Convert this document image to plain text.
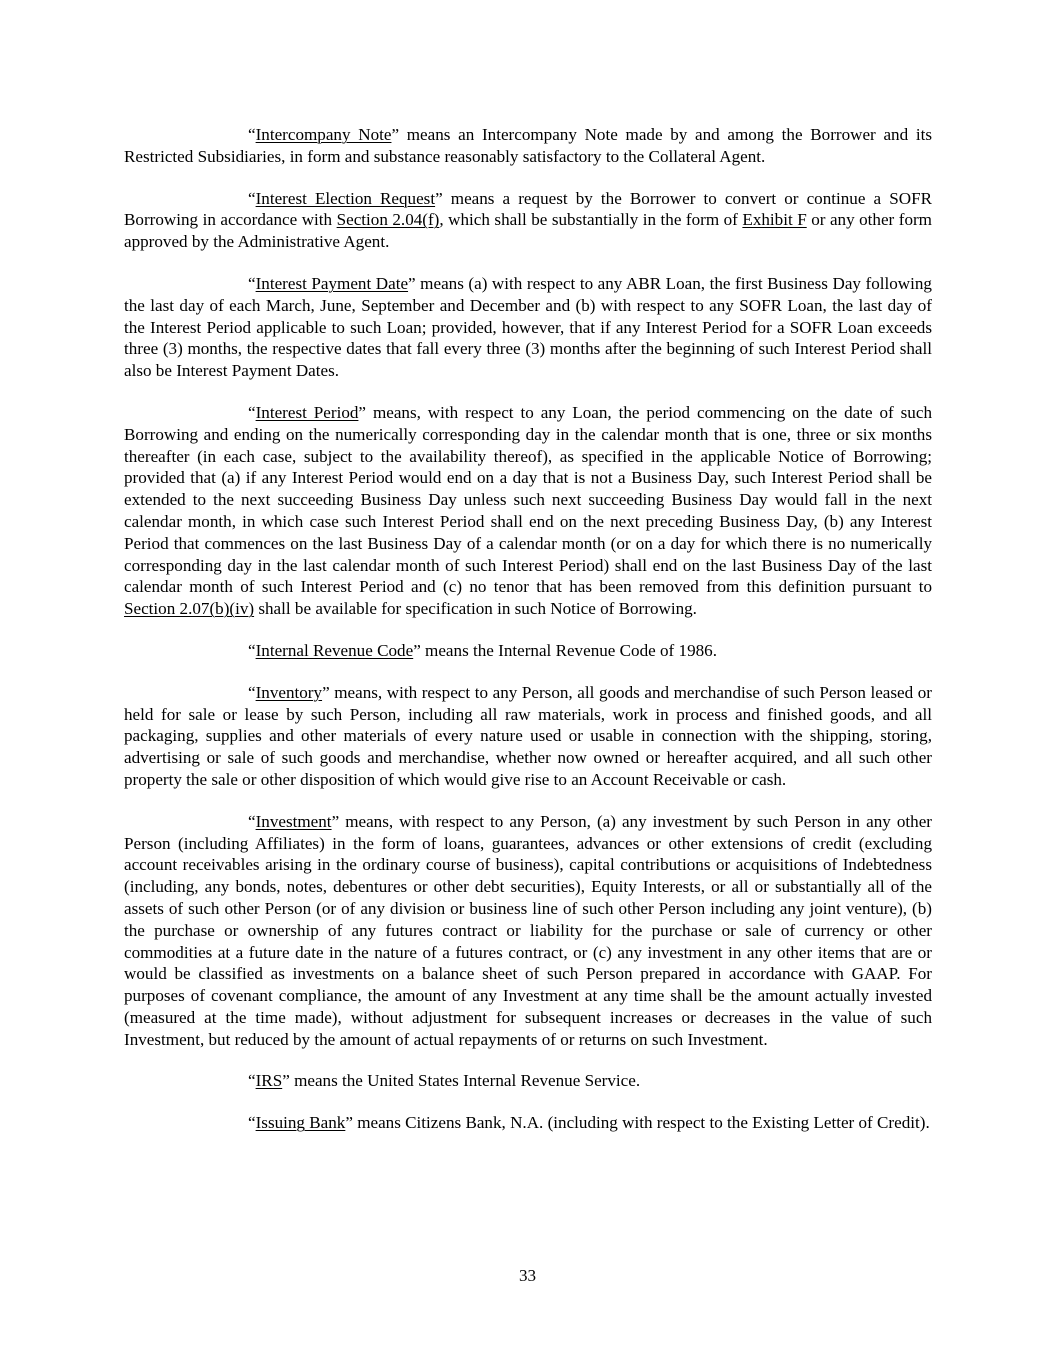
“Intercompany Note” means an Intercompany Note made by and among the Borrower and its Restricted Subsidiaries, in form and substance reasonably satisfactory to the Collateral Agent.

“Interest Election Request” means a request by the Borrower to convert or continue a SOFR Borrowing in accordance with Section 2.04(f), which shall be substantially in the form of Exhibit F or any other form approved by the Administrative Agent.

“Interest Payment Date” means (a) with respect to any ABR Loan, the first Business Day following the last day of each March, June, September and December and (b) with respect to any SOFR Loan, the last day of the Interest Period applicable to such Loan; provided, however, that if any Interest Period for a SOFR Loan exceeds three (3) months, the respective dates that fall every three (3) months after the beginning of such Interest Period shall also be Interest Payment Dates.

“Interest Period” means, with respect to any Loan, the period commencing on the date of such Borrowing and ending on the numerically corresponding day in the calendar month that is one, three or six months thereafter (in each case, subject to the availability thereof), as specified in the applicable Notice of Borrowing; provided that (a) if any Interest Period would end on a day that is not a Business Day, such Interest Period shall be extended to the next succeeding Business Day unless such next succeeding Business Day would fall in the next calendar month, in which case such Interest Period shall end on the next preceding Business Day, (b) any Interest Period that commences on the last Business Day of a calendar month (or on a day for which there is no numerically corresponding day in the last calendar month of such Interest Period) shall end on the last Business Day of the last calendar month of such Interest Period and (c) no tenor that has been removed from this definition pursuant to Section 2.07(b)(iv) shall be available for specification in such Notice of Borrowing.

“Internal Revenue Code” means the Internal Revenue Code of 1986.

“Inventory” means, with respect to any Person, all goods and merchandise of such Person leased or held for sale or lease by such Person, including all raw materials, work in process and finished goods, and all packaging, supplies and other materials of every nature used or usable in connection with the shipping, storing, advertising or sale of such goods and merchandise, whether now owned or hereafter acquired, and all such other property the sale or other disposition of which would give rise to an Account Receivable or cash.

“Investment” means, with respect to any Person, (a) any investment by such Person in any other Person (including Affiliates) in the form of loans, guarantees, advances or other extensions of credit (excluding account receivables arising in the ordinary course of business), capital contributions or acquisitions of Indebtedness (including, any bonds, notes, debentures or other debt securities), Equity Interests, or all or substantially all of the assets of such other Person (or of any division or business line of such other Person including any joint venture), (b) the purchase or ownership of any futures contract or liability for the purchase or sale of currency or other commodities at a future date in the nature of a futures contract, or (c) any investment in any other items that are or would be classified as investments on a balance sheet of such Person prepared in accordance with GAAP. For purposes of covenant compliance, the amount of any Investment at any time shall be the amount actually invested (measured at the time made), without adjustment for subsequent increases or decreases in the value of such Investment, but reduced by the amount of actual repayments of or returns on such Investment.

“IRS” means the United States Internal Revenue Service.

“Issuing Bank” means Citizens Bank, N.A. (including with respect to the Existing Letter of Credit).

33
